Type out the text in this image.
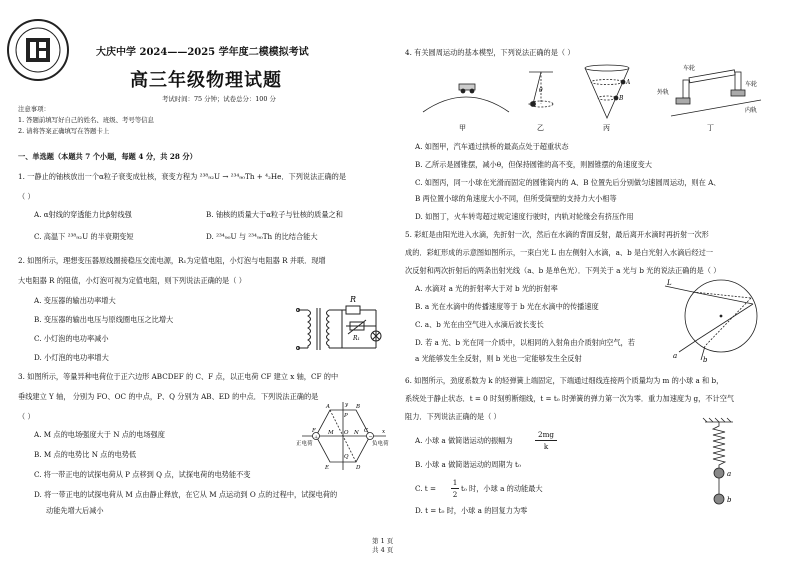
大庆中学 2024——2025 学年度二模模拟考试
高三年级物理试题
考试时间：75 分钟；试卷总分：100 分
注意事项：
1. 答题前填写好自己的姓名、班级、考号等信息
2. 请将答案正确填写在答题卡上
一、单选题（本题共 7 个小题，每题 4 分，共 28 分）
1. 一静止的铀核放出一个α粒子衰变成钍核，衰变方程为 ²³⁸₉₂U → ²³⁴₉₀Th + ⁴₂He．下列说法正确的是
（ ）
A. α射线的穿透能力比β射线强	B. 铀核的质量大于α粒子与钍核的质量之和
C. 高温下 ²³⁸₉₂U 的半衰期变短	D. ²³⁴₉₀U 与 ²³⁴₉₀Th 的比结合能大
2. 如图所示，理想变压器原线圈接稳压交流电源，R₁为定值电阻，小灯泡与电阻器 R 并联．现增
大电阻器 R 的阻值，小灯泡可视为定值电阻，则下列说法正确的是（ ）
A. 变压器的输出功率增大
B. 变压器的输出电压与原线圈电压之比增大
C. 小灯泡的电功率减小
D. 小灯泡的电功率增大
R
R₁
3. 如图所示，等量异种电荷位于正六边形 ABCDEF 的 C、F 点，以正电荷 CF 建立 x 轴，CF 的中
垂线建立 Y 轴， 分别为 FO、OC 的中点，P、Q 分别为 AB、ED 的中点．下列说法正确的是
（ ）
A. M 点的电场强度大于 N 点的电场强度
B. M 点的电势比 N 点的电势低
C. 将一带正电的试探电荷从 P 点移到 Q 点，试探电荷的电势能不变
D. 将一带正电的试探电荷从 M 点由静止释放，在它从 M 点运动到 O 点的过程中，试探电荷的
动能先增大后减小
+	−
正电荷	负电荷
A	B
C
D
E
F	O
M	N
P
Q
x
y
第 1 页 共 4 页
4. 有关圆周运动的基本模型，下列说法正确的是（ ）
θ
A
B
车轮
外轨
车轮
内轨
甲	乙	丙	丁
A. 如图甲，汽车通过拱桥的最高点处于超重状态
B. 乙所示是圆锥摆，减小θ，但保持圆锥的高不变，则圆锥摆的角速度变大
C. 如图丙，同一小球在光滑而固定的圆锥筒内的 A、B 位置先后分别做匀速圆周运动，则在 A、
B 两位置小球的角速度大小不同，但所受筒壁的支持力大小相等
D. 如图丁，火车转弯超过规定速度行驶时，内轨对轮缘会有挤压作用
5. 彩虹是由阳光进入水滴，先折射一次，然后在水滴的背面反射，最后离开水滴时再折射一次形
成的．彩虹形成的示意图如图所示，一束白光 L 由左侧射入水滴，a、b 是白光射入水滴后经过一
次反射和两次折射后的两条出射光线（a、b 是单色光）．下列关于 a 光与 b 光的说法正确的是（ ）
A. 水滴对 a 光的折射率大于对 b 光的折射率
B. a 光在水滴中的传播速度等于 b 光在水滴中的传播速度
C. a、b 光在由空气进入水滴后波长变长
D. 若 a 光、b 光在同一介质中，以相同的入射角由介质射向空气，若
a 光能够发生全反射，则 b 光也一定能够发生全反射
L
a	b
6. 如图所示，劲度系数为 k 的轻弹簧上端固定，下端通过细线连接两个质量均为 m 的小球 a 和 b，
系统处于静止状态．t = 0 时刻剪断细线，t = t₀ 时弹簧的弹力第一次为零．重力加速度为 g，不计空气
阻力．下列说法正确的是（ ）
A. 小球 a 做简谐运动的振幅为
2mg
k
B. 小球 a 做简谐运动的周期为 t₀
C. t =
1
2
t₀ 时，小球 a 的动能最大
D. t = t₀ 时，小球 a 的回复力为零
a
b
